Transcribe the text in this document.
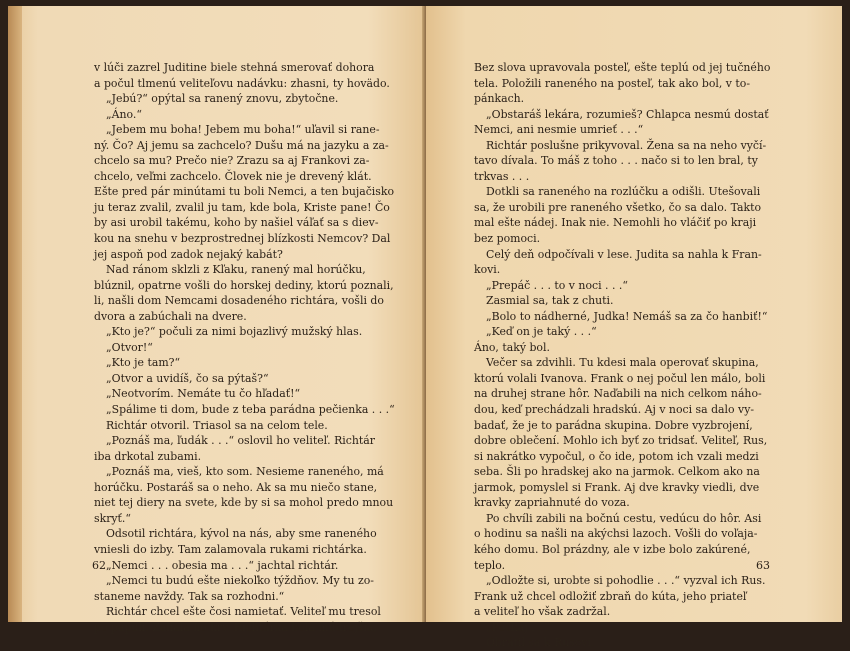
v lúči zazrel Juditine biele stehná smerovať dohora
a počul tlmenú veliteľovu nadávku: zhasni, ty hovädo.
„Jebú?“ opýtal sa ranený znovu, zbytočne.
„Áno.“
„Jebem mu boha! Jebem mu boha!“ uľavil si rane-
ný. Čo? Aj jemu sa zachcelo? Dušu má na jazyku a za-
chcelo sa mu? Prečo nie? Zrazu sa aj Frankovi za-
chcelo, veľmi zachcelo. Človek nie je drevený klát.
Ešte pred pár minútami tu boli Nemci, a ten bujačisko
ju teraz zvalil, zvalil ju tam, kde bola, Kriste pane! Čo
by asi urobil takému, koho by našiel váľať sa s diev-
kou na snehu v bezprostrednej blízkosti Nemcov? Dal
jej aspoň pod zadok nejaký kabát?
Nad ránom sklzli z Kľaku, ranený mal horúčku,
blúznil, opatrne vošli do horskej dediny, ktorú poznali,
li, našli dom Nemcami dosadeného richtára, vošli do
dvora a zabúchali na dvere.
„Kto je?“ počuli za nimi bojazlivý mužský hlas.
„Otvor!“
„Kto je tam?“
„Otvor a uvidíš, čo sa pýtaš?“
„Neotvorím. Nemáte tu čo hľadať!“
„Spálime ti dom, bude z teba parádna pečienka . . .“
Richtár otvoril. Triasol sa na celom tele.
„Poznáš ma, ľudák . . .“ oslovil ho veliteľ. Richtár
iba drkotal zubami.
„Poznáš ma, vieš, kto som. Nesieme raneného, má
horúčku. Postaráš sa o neho. Ak sa mu niečo stane,
niet tej diery na svete, kde by si sa mohol predo mnou
skryť.“
Odsotil richtára, kývol na nás, aby sme raneného
vniesli do izby. Tam zalamovala rukami richtárka.
„Nemci . . . obesia ma . . .“ jachtal richtár.
„Nemci tu budú ešte niekoľko týždňov. My tu zo-
staneme navždy. Tak sa rozhodni.“
Richtár chcel ešte čosi namietať. Veliteľ mu tresol
po papuli. Zaliala ho krv. Richtárka bola múdrejšia,
62
Bez slova upravovala posteľ, ešte teplú od jej tučného
tela. Položili raneného na posteľ, tak ako bol, v to-
pánkach.
„Obstaráš lekára, rozumieš? Chlapca nesmú dostať
Nemci, ani nesmie umrieť . . .“
Richtár poslušne prikyvoval. Žena sa na neho vyčí-
tavo dívala. To máš z toho . . . načo si to len bral, ty
trkvas . . .
Dotkli sa raneného na rozlúčku a odišli. Utešovali
sa, že urobili pre raneného všetko, čo sa dalo. Takto
mal ešte nádej. Inak nie. Nemohli ho vláčiť po kraji
bez pomoci.
Celý deň odpočívali v lese. Judita sa nahla k Fran-
kovi.
„Prepáč . . . to v noci . . .“
Zasmial sa, tak z chuti.
„Bolo to nádherné, Judka! Nemáš sa za čo hanbiť!“
„Keď on je taký . . .“
Áno, taký bol.
Večer sa zdvihli. Tu kdesi mala operovať skupina,
ktorú volali Ivanova. Frank o nej počul len málo, boli
na druhej strane hôr. Naďabili na nich celkom náho-
dou, keď prechádzali hradskú. Aj v noci sa dalo vy-
badať, že je to parádna skupina. Dobre vyzbrojení,
dobre oblečení. Mohlo ich byť zo tridsať. Veliteľ, Rus,
si nakrátko vypočul, o čo ide, potom ich vzali medzi
seba. Šli po hradskej ako na jarmok. Celkom ako na
jarmok, pomyslel si Frank. Aj dve kravky viedli, dve
kravky zapriahnuté do voza.
Po chvíli zabili na bočnú cestu, vedúcu do hôr. Asi
o hodinu sa našli na akýchsi lazoch. Vošli do voľaja-
kého domu. Bol prázdny, ale v izbe bolo zakúrené,
teplo.
„Odložte si, urobte si pohodlie . . .“ vyzval ich Rus.
Frank už chcel odložiť zbraň do kúta, jeho priateľ
a veliteľ ho však zadržal.
„Počkaj . . .“
Obrátil sa k Rusovi.
63
